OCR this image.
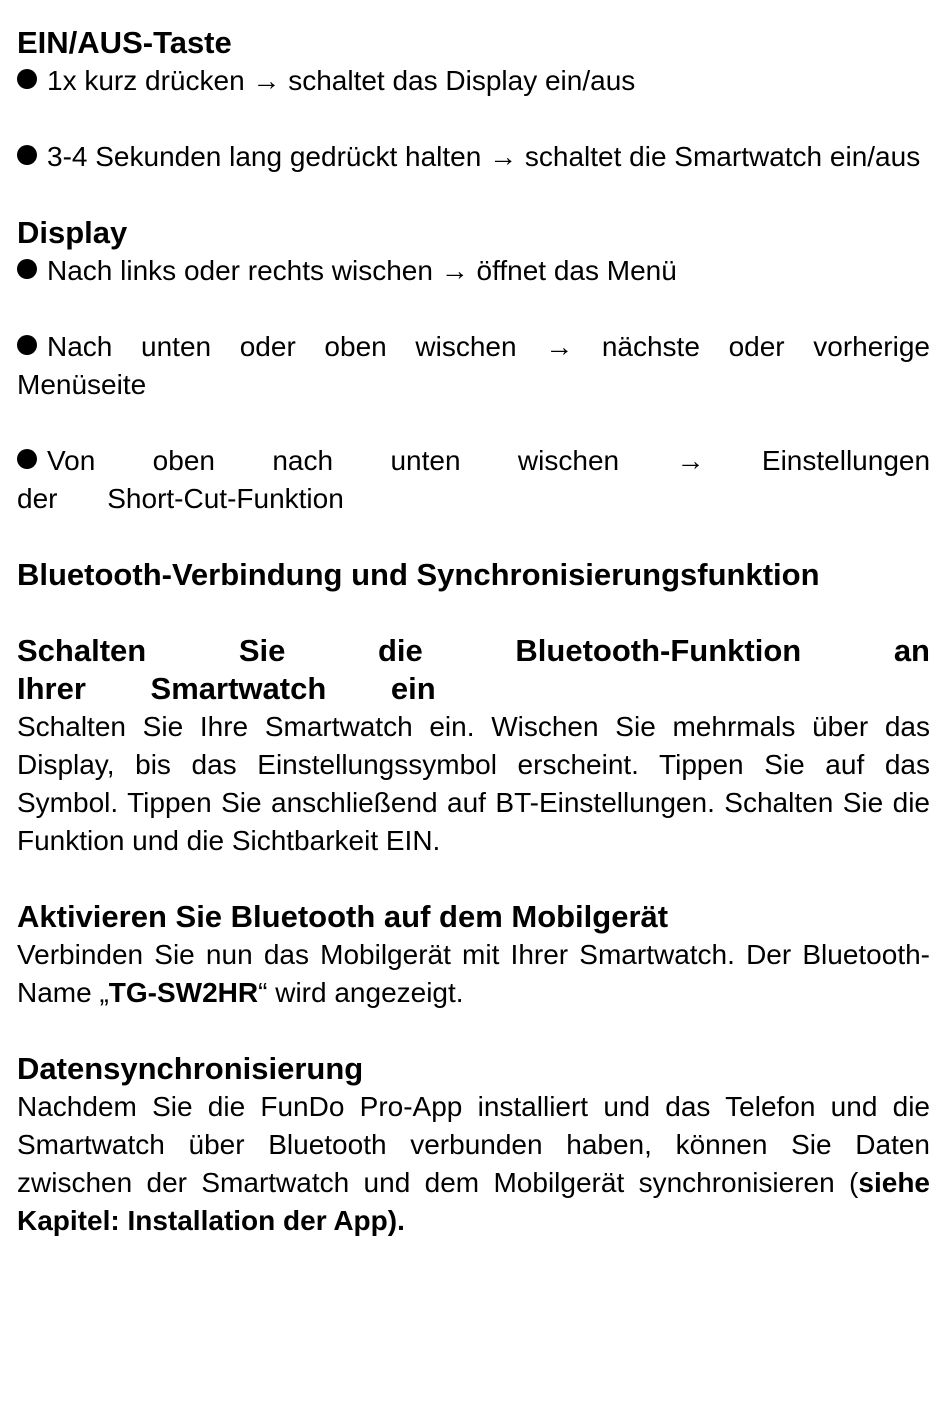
EIN/AUS-Taste

1x kurz drücken → schaltet das Display ein/aus

3-4 Sekunden lang gedrückt halten → schaltet die Smartwatch ein/aus

Display

Nach links oder rechts wischen → öffnet das Menü

Nach unten oder oben wischen → nächste oder vorherige Menüseite

Von oben nach unten wischen → Einstellungen der Short-Cut-Funktion

Bluetooth-Verbindung und Synchronisierungsfunktion
Schalten Sie die Bluetooth-Funktion an Ihrer Smartwatch ein

Schalten Sie Ihre Smartwatch ein. Wischen Sie mehrmals über das Display, bis das Einstellungssymbol erscheint. Tippen Sie auf das Symbol. Tippen Sie anschließend auf BT-Einstellungen. Schalten Sie die Funktion und die Sichtbarkeit EIN.

Aktivieren Sie Bluetooth auf dem Mobilgerät

Verbinden Sie nun das Mobilgerät mit Ihrer Smartwatch. Der Bluetooth-Name „TG-SW2HR“ wird angezeigt.

Datensynchronisierung

Nachdem Sie die FunDo Pro-App installiert und das Telefon und die Smartwatch über Bluetooth verbunden haben, können Sie Daten zwischen der Smartwatch und dem Mobilgerät synchronisieren (siehe Kapitel: Installation der App).
